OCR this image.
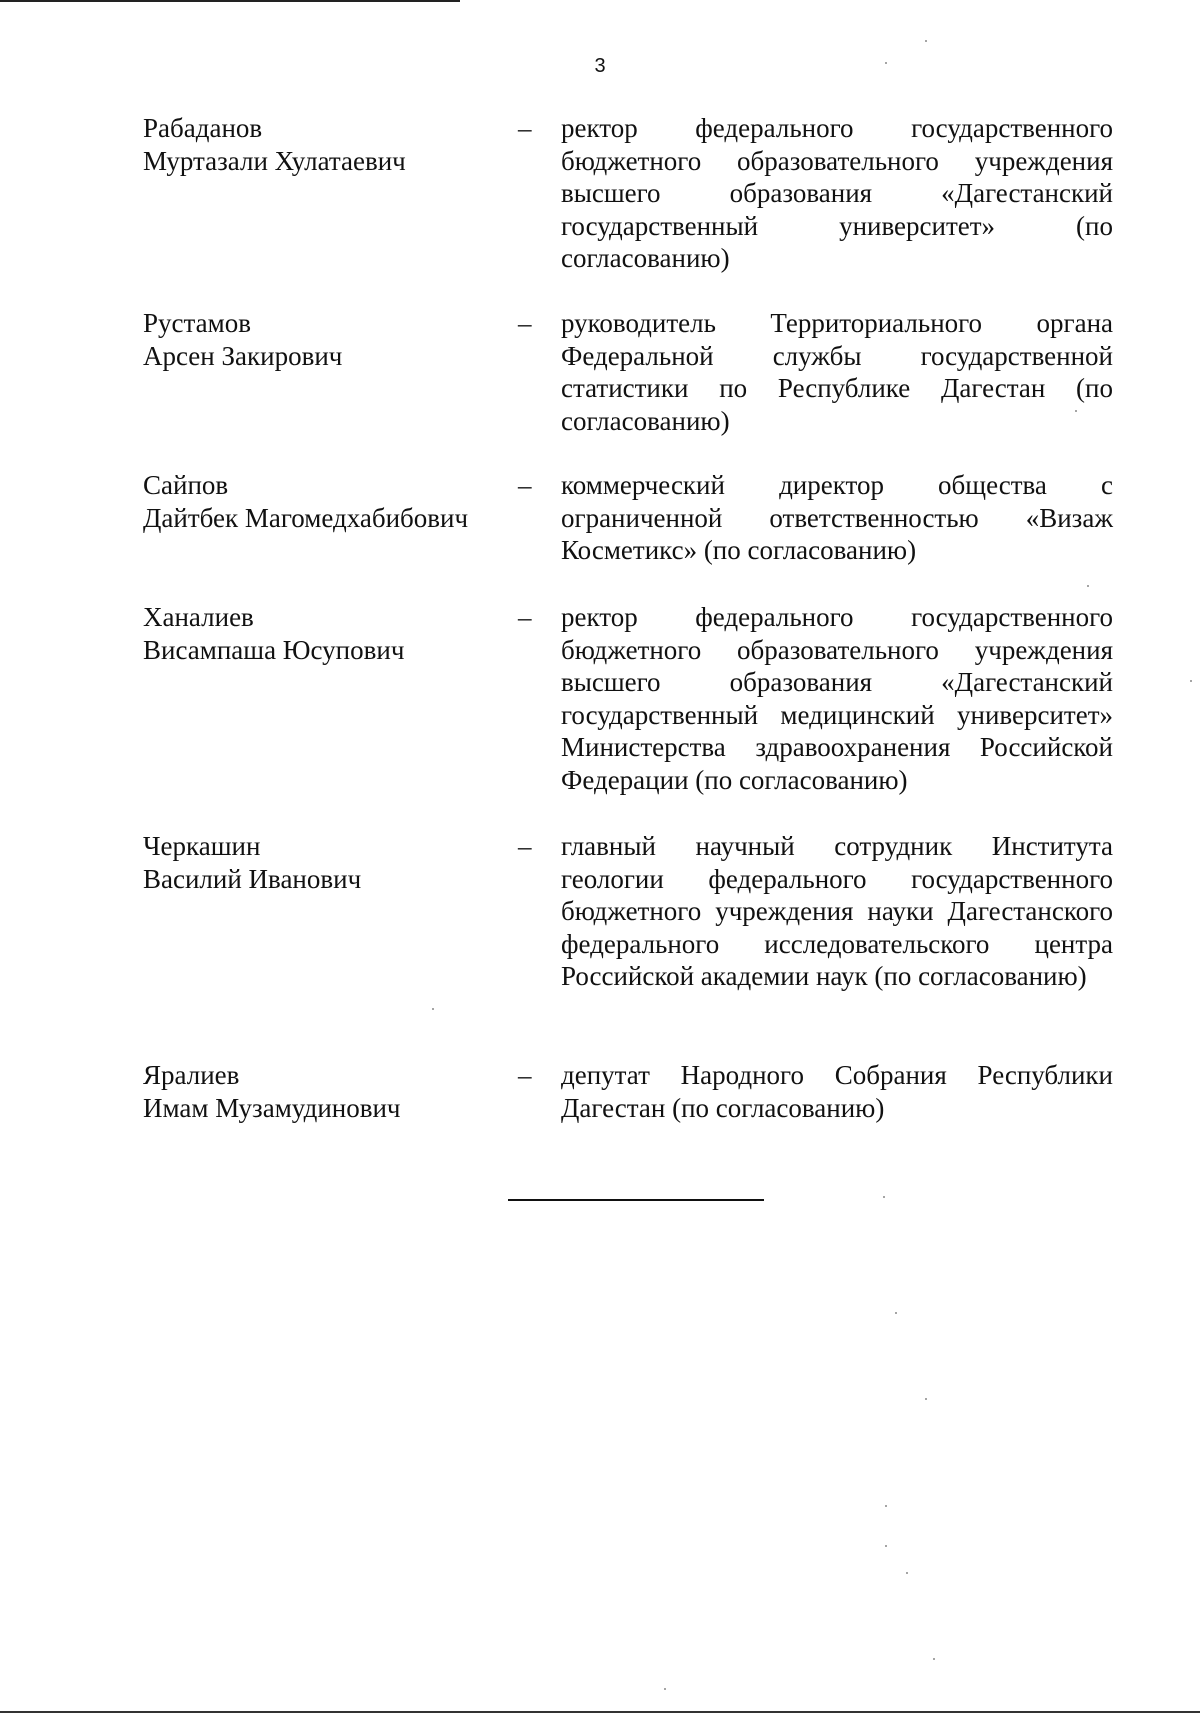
3
Рабаданов
Муртазали Хулатаевич
– ректор федерального государственного бюджетного образовательного учреждения высшего образования «Дагестанский государственный университет» (по согласованию)
Рустамов
Арсен Закирович
– руководитель Территориального органа Федеральной службы государственной статистики по Республике Дагестан (по согласованию)
Сайпов
Дайтбек Магомедхабибович
– коммерческий директор общества с ограниченной ответственностью «Визаж Косметикс» (по согласованию)
Ханалиев
Висампаша Юсупович
– ректор федерального государственного бюджетного образовательного учреждения высшего образования «Дагестанский государственный медицинский университет» Министерства здравоохранения Российской Федерации (по согласованию)
Черкашин
Василий Иванович
– главный научный сотрудник Института геологии федерального государственного бюджетного учреждения науки Дагестанского федерального исследовательского центра Российской академии наук (по согласованию)
Яралиев
Имам Музамудинович
– депутат Народного Собрания Республики Дагестан (по согласованию)
